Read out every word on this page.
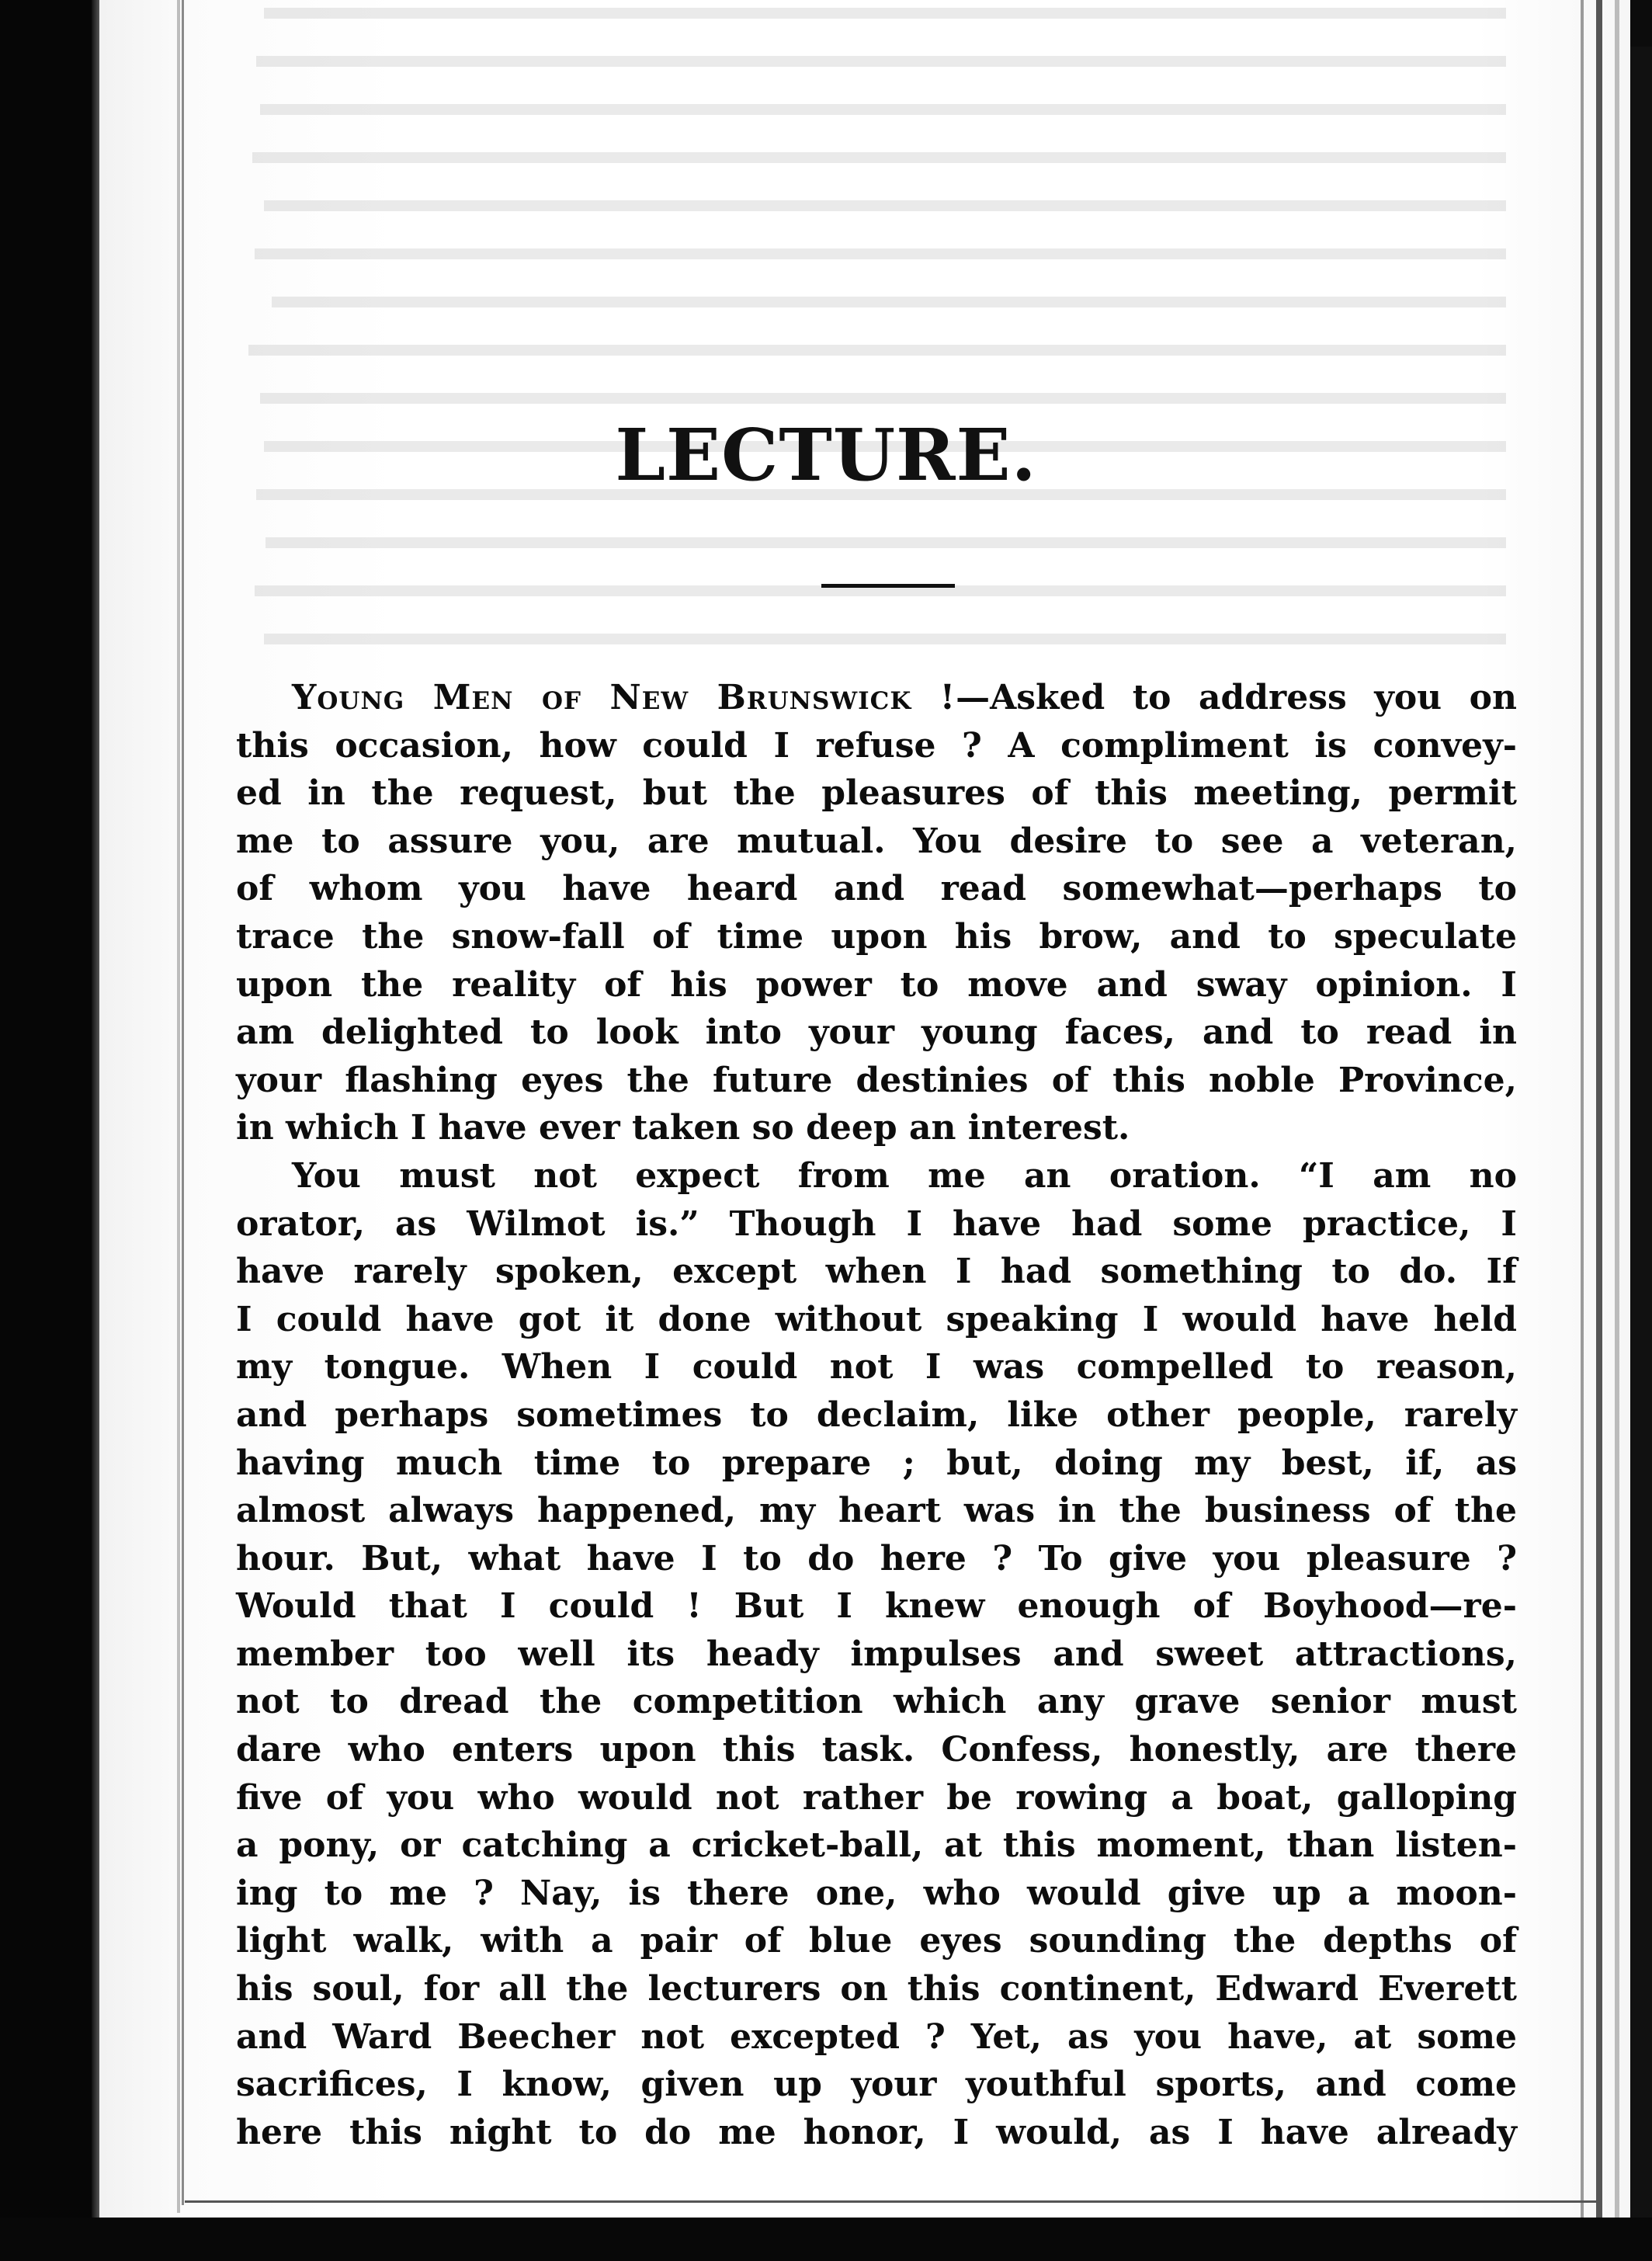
LECTURE.

Young Men of New Brunswick !—Asked to address you on
this occasion, how could I refuse ? A compliment is convey-
ed in the request, but the pleasures of this meeting, permit
me to assure you, are mutual. You desire to see a veteran,
of whom you have heard and read somewhat—perhaps to
trace the snow-fall of time upon his brow, and to speculate
upon the reality of his power to move and sway opinion. I
am delighted to look into your young faces, and to read in
your flashing eyes the future destinies of this noble Province,
in which I have ever taken so deep an interest.

You must not expect from me an oration. “I am no
orator, as Wilmot is.” Though I have had some practice, I
have rarely spoken, except when I had something to do. If
I could have got it done without speaking I would have held
my tongue. When I could not I was compelled to reason,
and perhaps sometimes to declaim, like other people, rarely
having much time to prepare ; but, doing my best, if, as
almost always happened, my heart was in the business of the
hour. But, what have I to do here ? To give you pleasure ?
Would that I could ! But I knew enough of Boyhood—re-
member too well its heady impulses and sweet attractions,
not to dread the competition which any grave senior must
dare who enters upon this task. Confess, honestly, are there
five of you who would not rather be rowing a boat, galloping
a pony, or catching a cricket-ball, at this moment, than listen-
ing to me ? Nay, is there one, who would give up a moon-
light walk, with a pair of blue eyes sounding the depths of
his soul, for all the lecturers on this continent, Edward Everett
and Ward Beecher not excepted ? Yet, as you have, at some
sacrifices, I know, given up your youthful sports, and come
here this night to do me honor, I would, as I have already
